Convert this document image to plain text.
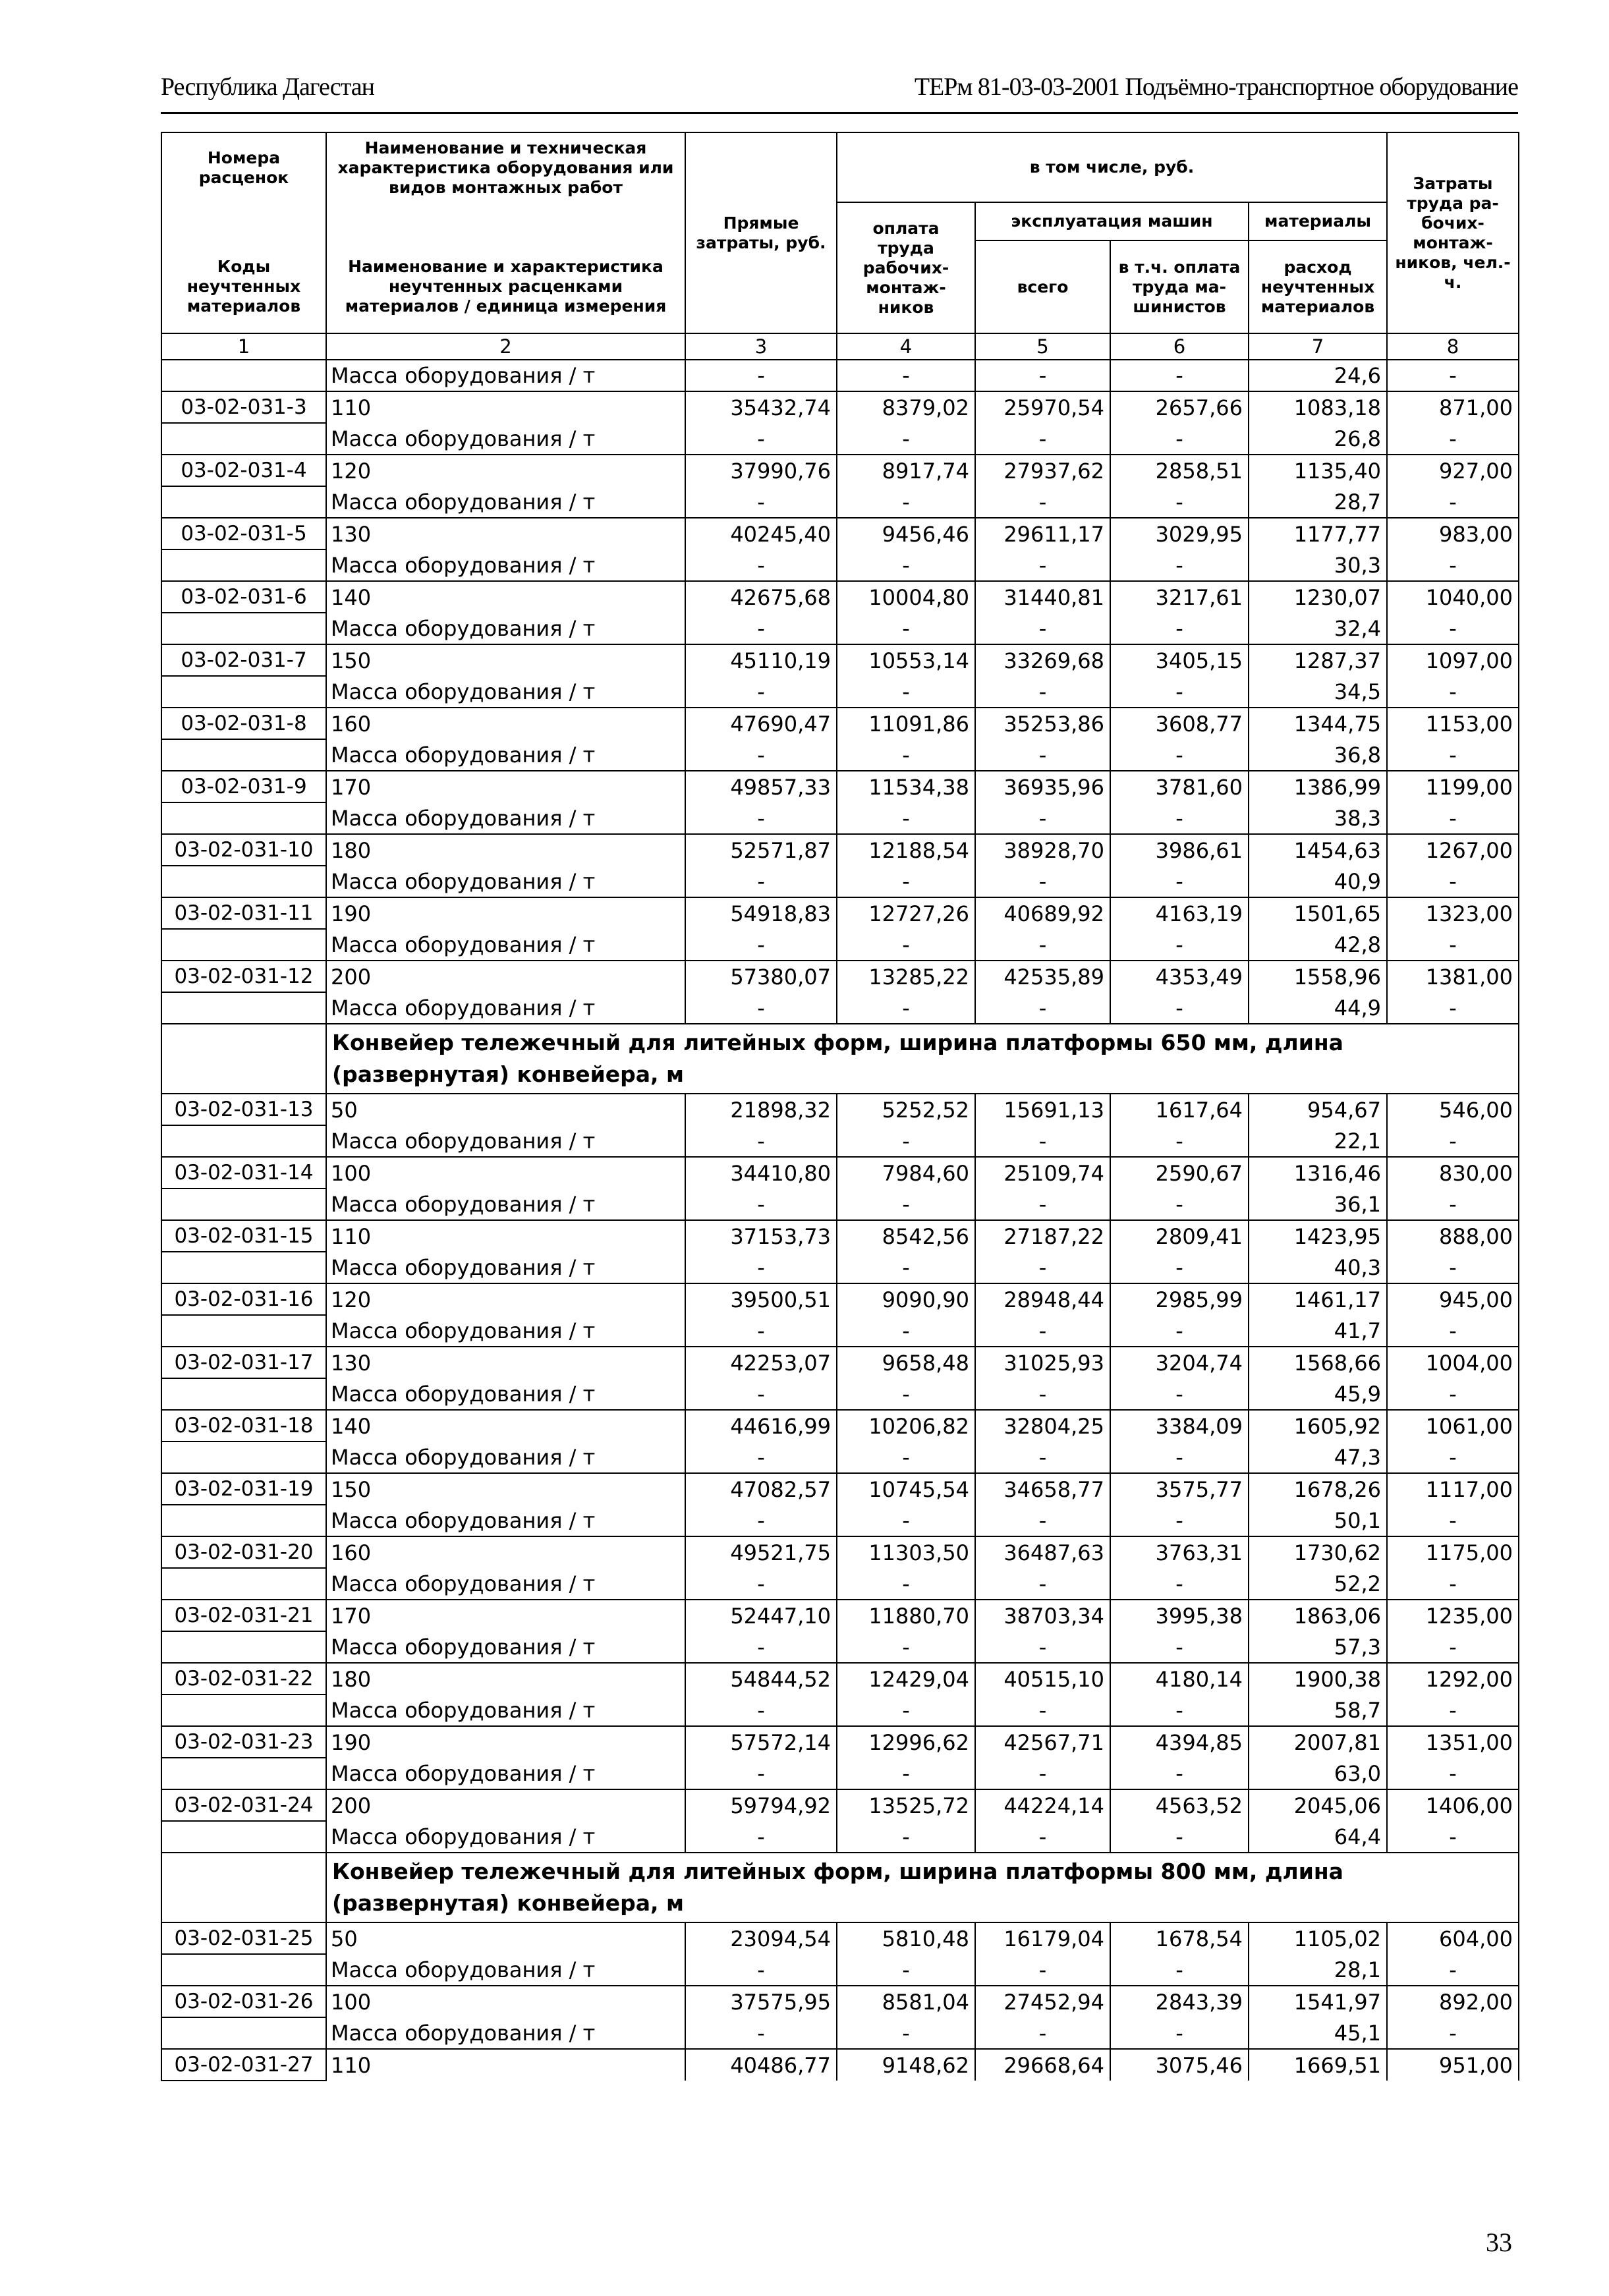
Республика Дагестан	ТЕРм 81-03-03-2001 Подъёмно-транспортное оборудование
Номера расценок	Наименование и техническая характеристика оборудования или видов монтажных работ	Прямые затраты, руб.	в том числе, руб.				Затраты труда ра-бочих-монтаж-ников, чел.-ч.
			оплата труда рабочих-монтаж-ников	эксплуатация машин		материалы	
Коды неучтенных материалов	Наименование и характеристика неучтенных расценками материалов / единица измерения			всего	в т.ч. оплата труда ма-шинистов	расход неучтенных материалов	
1	2	3	4	5	6	7	8
	Масса оборудования / т	-	-	-	-	24,6	-
03-02-031-3	110	35432,74	8379,02	25970,54	2657,66	1083,18	871,00
	Масса оборудования / т	-	-	-	-	26,8	-
03-02-031-4	120	37990,76	8917,74	27937,62	2858,51	1135,40	927,00
	Масса оборудования / т	-	-	-	-	28,7	-
03-02-031-5	130	40245,40	9456,46	29611,17	3029,95	1177,77	983,00
	Масса оборудования / т	-	-	-	-	30,3	-
03-02-031-6	140	42675,68	10004,80	31440,81	3217,61	1230,07	1040,00
	Масса оборудования / т	-	-	-	-	32,4	-
03-02-031-7	150	45110,19	10553,14	33269,68	3405,15	1287,37	1097,00
	Масса оборудования / т	-	-	-	-	34,5	-
03-02-031-8	160	47690,47	11091,86	35253,86	3608,77	1344,75	1153,00
	Масса оборудования / т	-	-	-	-	36,8	-
03-02-031-9	170	49857,33	11534,38	36935,96	3781,60	1386,99	1199,00
	Масса оборудования / т	-	-	-	-	38,3	-
03-02-031-10	180	52571,87	12188,54	38928,70	3986,61	1454,63	1267,00
	Масса оборудования / т	-	-	-	-	40,9	-
03-02-031-11	190	54918,83	12727,26	40689,92	4163,19	1501,65	1323,00
	Масса оборудования / т	-	-	-	-	42,8	-
03-02-031-12	200	57380,07	13285,22	42535,89	4353,49	1558,96	1381,00
	Масса оборудования / т	-	-	-	-	44,9	-
	Конвейер тележечный для литейных форм, ширина платформы 650 мм, длина (развернутая) конвейера, м						
03-02-031-13	50	21898,32	5252,52	15691,13	1617,64	954,67	546,00
	Масса оборудования / т	-	-	-	-	22,1	-
03-02-031-14	100	34410,80	7984,60	25109,74	2590,67	1316,46	830,00
	Масса оборудования / т	-	-	-	-	36,1	-
03-02-031-15	110	37153,73	8542,56	27187,22	2809,41	1423,95	888,00
	Масса оборудования / т	-	-	-	-	40,3	-
03-02-031-16	120	39500,51	9090,90	28948,44	2985,99	1461,17	945,00
	Масса оборудования / т	-	-	-	-	41,7	-
03-02-031-17	130	42253,07	9658,48	31025,93	3204,74	1568,66	1004,00
	Масса оборудования / т	-	-	-	-	45,9	-
03-02-031-18	140	44616,99	10206,82	32804,25	3384,09	1605,92	1061,00
	Масса оборудования / т	-	-	-	-	47,3	-
03-02-031-19	150	47082,57	10745,54	34658,77	3575,77	1678,26	1117,00
	Масса оборудования / т	-	-	-	-	50,1	-
03-02-031-20	160	49521,75	11303,50	36487,63	3763,31	1730,62	1175,00
	Масса оборудования / т	-	-	-	-	52,2	-
03-02-031-21	170	52447,10	11880,70	38703,34	3995,38	1863,06	1235,00
	Масса оборудования / т	-	-	-	-	57,3	-
03-02-031-22	180	54844,52	12429,04	40515,10	4180,14	1900,38	1292,00
	Масса оборудования / т	-	-	-	-	58,7	-
03-02-031-23	190	57572,14	12996,62	42567,71	4394,85	2007,81	1351,00
	Масса оборудования / т	-	-	-	-	63,0	-
03-02-031-24	200	59794,92	13525,72	44224,14	4563,52	2045,06	1406,00
	Масса оборудования / т	-	-	-	-	64,4	-
	Конвейер тележечный для литейных форм, ширина платформы 800 мм, длина (развернутая) конвейера, м						
03-02-031-25	50	23094,54	5810,48	16179,04	1678,54	1105,02	604,00
	Масса оборудования / т	-	-	-	-	28,1	-
03-02-031-26	100	37575,95	8581,04	27452,94	2843,39	1541,97	892,00
	Масса оборудования / т	-	-	-	-	45,1	-
03-02-031-27	110	40486,77	9148,62	29668,64	3075,46	1669,51	951,00
33
